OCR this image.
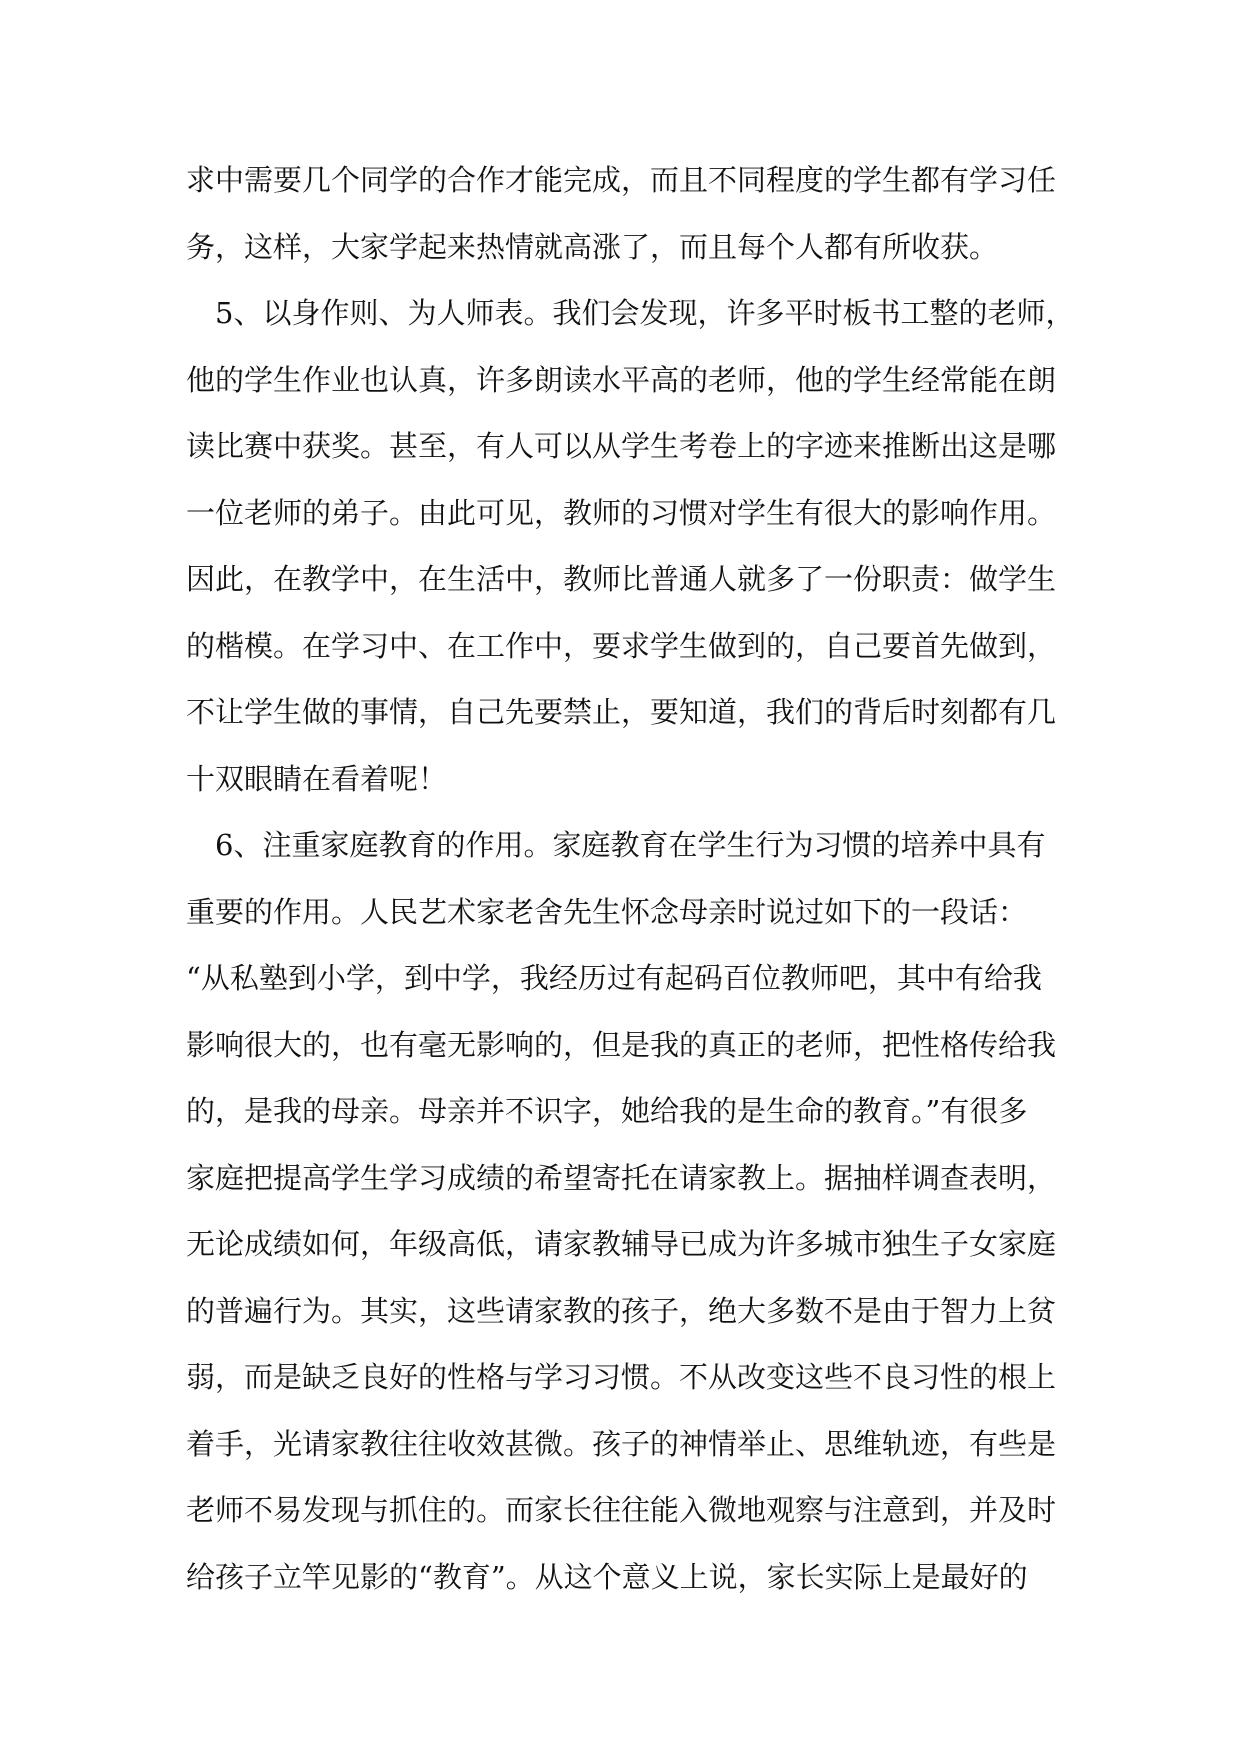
求中需要几个同学的合作才能完成，而且不同程度的学生都有学习任
务，这样，大家学起来热情就高涨了，而且每个人都有所收获。
　5、以身作则、为人师表。我们会发现，许多平时板书工整的老师，
他的学生作业也认真，许多朗读水平高的老师，他的学生经常能在朗
读比赛中获奖。甚至，有人可以从学生考卷上的字迹来推断出这是哪
一位老师的弟子。由此可见，教师的习惯对学生有很大的影响作用。
因此，在教学中，在生活中，教师比普通人就多了一份职责：做学生
的楷模。在学习中、在工作中，要求学生做到的，自己要首先做到，
不让学生做的事情，自己先要禁止，要知道，我们的背后时刻都有几
十双眼睛在看着呢！
　6、注重家庭教育的作用。家庭教育在学生行为习惯的培养中具有
重要的作用。人民艺术家老舍先生怀念母亲时说过如下的一段话：
“从私塾到小学，到中学，我经历过有起码百位教师吧，其中有给我
影响很大的，也有毫无影响的，但是我的真正的老师，把性格传给我
的，是我的母亲。母亲并不识字，她给我的是生命的教育。”有很多
家庭把提高学生学习成绩的希望寄托在请家教上。据抽样调查表明，
无论成绩如何，年级高低，请家教辅导已成为许多城市独生子女家庭
的普遍行为。其实，这些请家教的孩子，绝大多数不是由于智力上贫
弱，而是缺乏良好的性格与学习习惯。不从改变这些不良习性的根上
着手，光请家教往往收效甚微。孩子的神情举止、思维轨迹，有些是
老师不易发现与抓住的。而家长往往能入微地观察与注意到，并及时
给孩子立竿见影的“教育”。从这个意义上说，家长实际上是最好的
